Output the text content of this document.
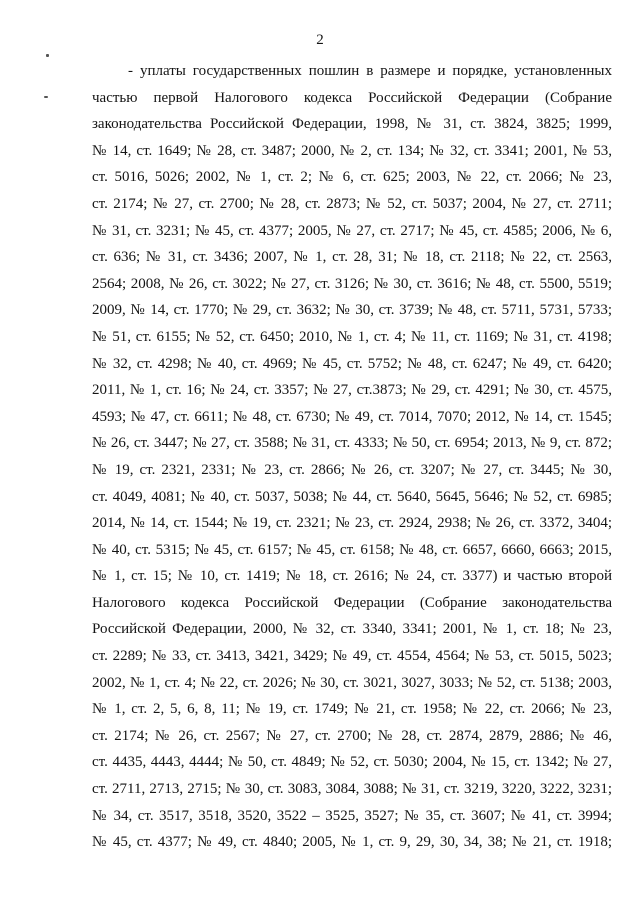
2
- уплаты государственных пошлин в размере и порядке, установленных
частью первой Налогового кодекса Российской Федерации (Собрание
законодательства Российской Федерации, 1998, № 31, ст. 3824, 3825; 1999,
№ 14, ст. 1649; № 28, ст. 3487; 2000, № 2, ст. 134; № 32, ст. 3341; 2001, № 53,
ст. 5016, 5026; 2002, № 1, ст. 2; № 6, ст. 625; 2003, № 22, ст. 2066; № 23,
ст. 2174; № 27, ст. 2700; № 28, ст. 2873; № 52, ст. 5037; 2004, № 27, ст. 2711;
№ 31, ст. 3231; № 45, ст. 4377; 2005, № 27, ст. 2717; № 45, ст. 4585; 2006, № 6,
ст. 636; № 31, ст. 3436; 2007, № 1, ст. 28, 31; № 18, ст. 2118; № 22, ст. 2563,
2564; 2008, № 26, ст. 3022; № 27, ст. 3126; № 30, ст. 3616; № 48, ст. 5500, 5519;
2009, № 14, ст. 1770; № 29, ст. 3632; № 30, ст. 3739; № 48, ст. 5711, 5731, 5733;
№ 51, ст. 6155; № 52, ст. 6450; 2010, № 1, ст. 4; № 11, ст. 1169; № 31, ст. 4198;
№ 32, ст. 4298; № 40, ст. 4969; № 45, ст. 5752; № 48, ст. 6247; № 49, ст. 6420;
2011, № 1, ст. 16; № 24, ст. 3357; № 27, ст.3873; № 29, ст. 4291; № 30, ст. 4575,
4593; № 47, ст. 6611; № 48, ст. 6730; № 49, ст. 7014, 7070; 2012, № 14, ст. 1545;
№ 26, ст. 3447; № 27, ст. 3588; № 31, ст. 4333; № 50, ст. 6954; 2013, № 9, ст. 872;
№ 19, ст. 2321, 2331; № 23, ст. 2866; № 26, ст. 3207; № 27, ст. 3445; № 30,
ст. 4049, 4081; № 40, ст. 5037, 5038; № 44, ст. 5640, 5645, 5646; № 52, ст. 6985;
2014, № 14, ст. 1544; № 19, ст. 2321; № 23, ст. 2924, 2938; № 26, ст. 3372, 3404;
№ 40, ст. 5315; № 45, ст. 6157; № 45, ст. 6158; № 48, ст. 6657, 6660, 6663; 2015,
№ 1, ст. 15; № 10, ст. 1419; № 18, ст. 2616; № 24, ст. 3377) и частью второй
Налогового кодекса Российской Федерации (Собрание законодательства
Российской Федерации, 2000, № 32, ст. 3340, 3341; 2001, № 1, ст. 18; № 23,
ст. 2289; № 33, ст. 3413, 3421, 3429; № 49, ст. 4554, 4564; № 53, ст. 5015, 5023;
2002, № 1, ст. 4; № 22, ст. 2026; № 30, ст. 3021, 3027, 3033; № 52, ст. 5138; 2003,
№ 1, ст. 2, 5, 6, 8, 11; № 19, ст. 1749; № 21, ст. 1958; № 22, ст. 2066; № 23,
ст. 2174; № 26, ст. 2567; № 27, ст. 2700; № 28, ст. 2874, 2879, 2886; № 46,
ст. 4435, 4443, 4444; № 50, ст. 4849; № 52, ст. 5030; 2004, № 15, ст. 1342; № 27,
ст. 2711, 2713, 2715; № 30, ст. 3083, 3084, 3088; № 31, ст. 3219, 3220, 3222, 3231;
№ 34, ст. 3517, 3518, 3520, 3522 – 3525, 3527; № 35, ст. 3607; № 41, ст. 3994;
№ 45, ст. 4377; № 49, ст. 4840; 2005, № 1, ст. 9, 29, 30, 34, 38; № 21, ст. 1918;
